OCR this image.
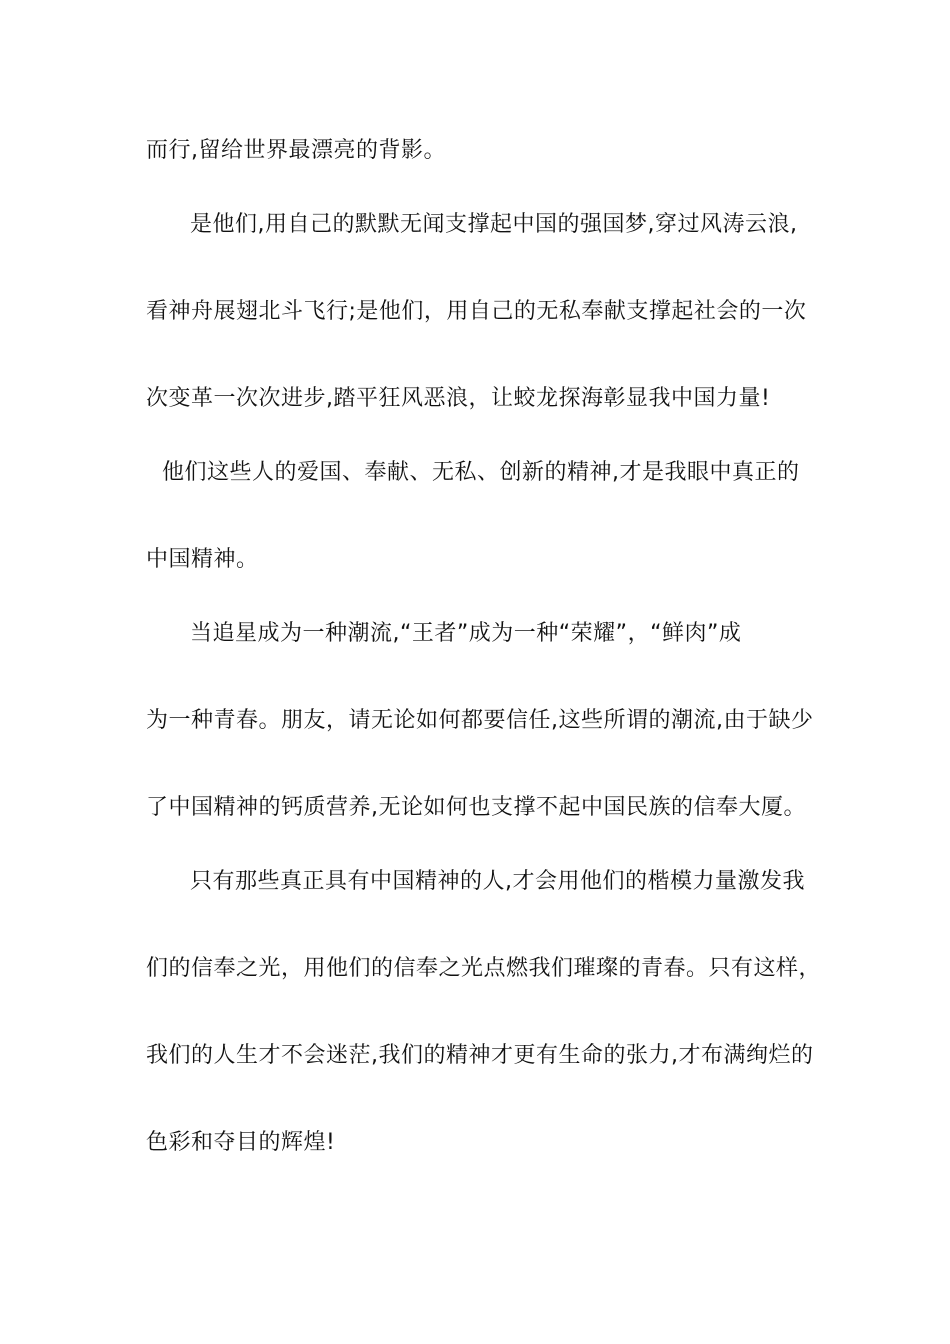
而行,留给世界最漂亮的背影。
是他们,用自己的默默无闻支撑起中国的强国梦,穿过风涛云浪,
看神舟展翅北斗飞行;是他们，用自己的无私奉献支撑起社会的一次
次变革一次次进步,踏平狂风恶浪，让蛟龙探海彰显我中国力量!
他们这些人的爱国、奉献、无私、创新的精神,才是我眼中真正的
中国精神。
当追星成为一种潮流,“王者”成为一种“荣耀”，“鲜肉”成
为一种青春。朋友，请无论如何都要信任,这些所谓的潮流,由于缺少
了中国精神的钙质营养,无论如何也支撑不起中国民族的信奉大厦。
只有那些真正具有中国精神的人,才会用他们的楷模力量激发我
们的信奉之光，用他们的信奉之光点燃我们璀璨的青春。只有这样，
我们的人生才不会迷茫,我们的精神才更有生命的张力,才布满绚烂的
色彩和夺目的辉煌!
